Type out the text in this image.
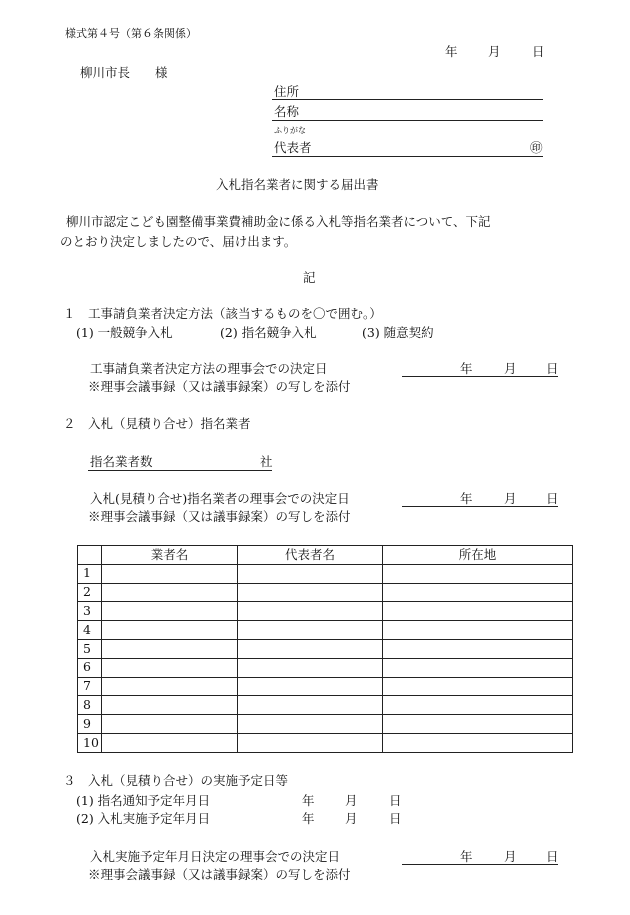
様式第４号（第６条関係）
年 月	日
柳川市長　　様
住所
名称
ふりがな
代表者	㊞
入札指名業者に関する届出書
柳川市認定こども園整備事業費補助金に係る入札等指名業者について、下記
のとおり決定しましたので、届け出ます。
記
１　工事請負業者決定方法（該当するものを〇で囲む。）
(1) 一般競争入札	(2) 指名競争入札	(3) 随意契約
工事請負業者決定方法の理事会での決定日	年	月 日
※理事会議事録（又は議事録案）の写しを添付
２　入札（見積り合せ）指名業者
指名業者数	社
入札(見積り合せ)指名業者の理事会での決定日	年	月 日
※理事会議事録（又は議事録案）の写しを添付
	業者名	代表者名	所在地
1			
2			
3			
4			
5			
6			
7			
8			
9			
10			
３　入札（見積り合せ）の実施予定日等
(1) 指名通知予定年月日	年 月	日
(2) 入札実施予定年月日	年 月	日
入札実施予定年月日決定の理事会での決定日	年	月 日
※理事会議事録（又は議事録案）の写しを添付
